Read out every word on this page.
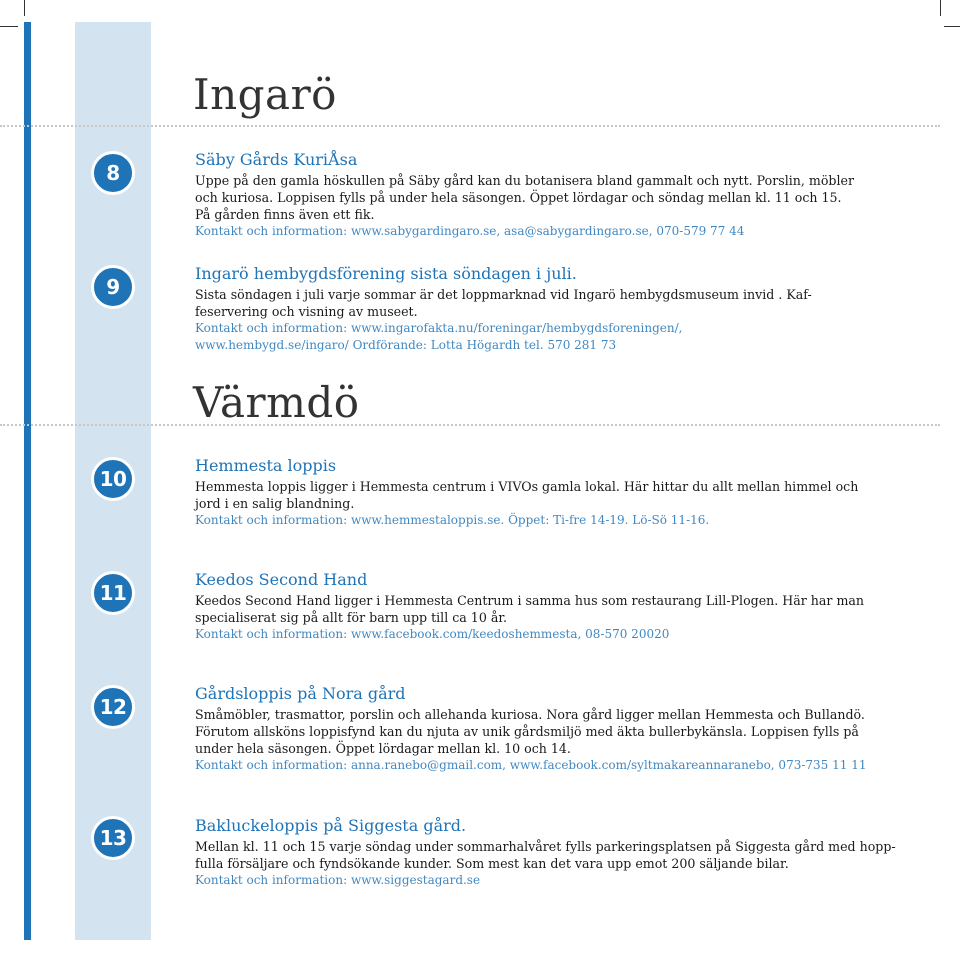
Ingarö
8

Säby Gårds KuriÅsa

Uppe på den gamla höskullen på Säby gård kan du botanisera bland gammalt och nytt. Porslin, möbler

och kuriosa. Loppisen fylls på under hela säsongen. Öppet lördagar och söndag mellan kl. 11 och 15.

På gården finns även ett fik.

Kontakt och information: www.sabygardingaro.se, asa@sabygardingaro.se, 070-579 77 44

9

Ingarö hembygdsförening sista söndagen i juli.

Sista söndagen i juli varje sommar är det loppmarknad vid Ingarö hembygdsmuseum invid . Kaf-

feservering och visning av museet.

Kontakt och information: www.ingarofakta.nu/foreningar/hembygdsforeningen/,

www.hembygd.se/ingaro/ Ordförande: Lotta Högardh tel. 570 281 73

Värmdö
10

Hemmesta loppis

Hemmesta loppis ligger i Hemmesta centrum i VIVOs gamla lokal. Här hittar du allt mellan himmel och

jord i en salig blandning.

Kontakt och information: www.hemmestaloppis.se. Öppet: Ti-fre 14-19. Lö-Sö 11-16.

11

Keedos Second Hand

Keedos Second Hand ligger i Hemmesta Centrum i samma hus som restaurang Lill-Plogen. Här har man

specialiserat sig på allt för barn upp till ca 10 år.

Kontakt och information: www.facebook.com/keedoshemmesta, 08-570 20020

12

Gårdsloppis på Nora gård

Småmöbler, trasmattor, porslin och allehanda kuriosa. Nora gård ligger mellan Hemmesta och Bullandö.

Förutom allsköns loppisfynd kan du njuta av unik gårdsmiljö med äkta bullerbykänsla. Loppisen fylls på

under hela säsongen. Öppet lördagar mellan kl. 10 och 14.

Kontakt och information: anna.ranebo@gmail.com, www.facebook.com/syltmakareannaranebo, 073-735 11 11

13

Bakluckeloppis på Siggesta gård.

Mellan kl. 11 och 15 varje söndag under sommarhalvåret fylls parkeringsplatsen på Siggesta gård med hopp-

fulla försäljare och fyndsökande kunder. Som mest kan det vara upp emot 200 säljande bilar.

Kontakt och information: www.siggestagard.se
